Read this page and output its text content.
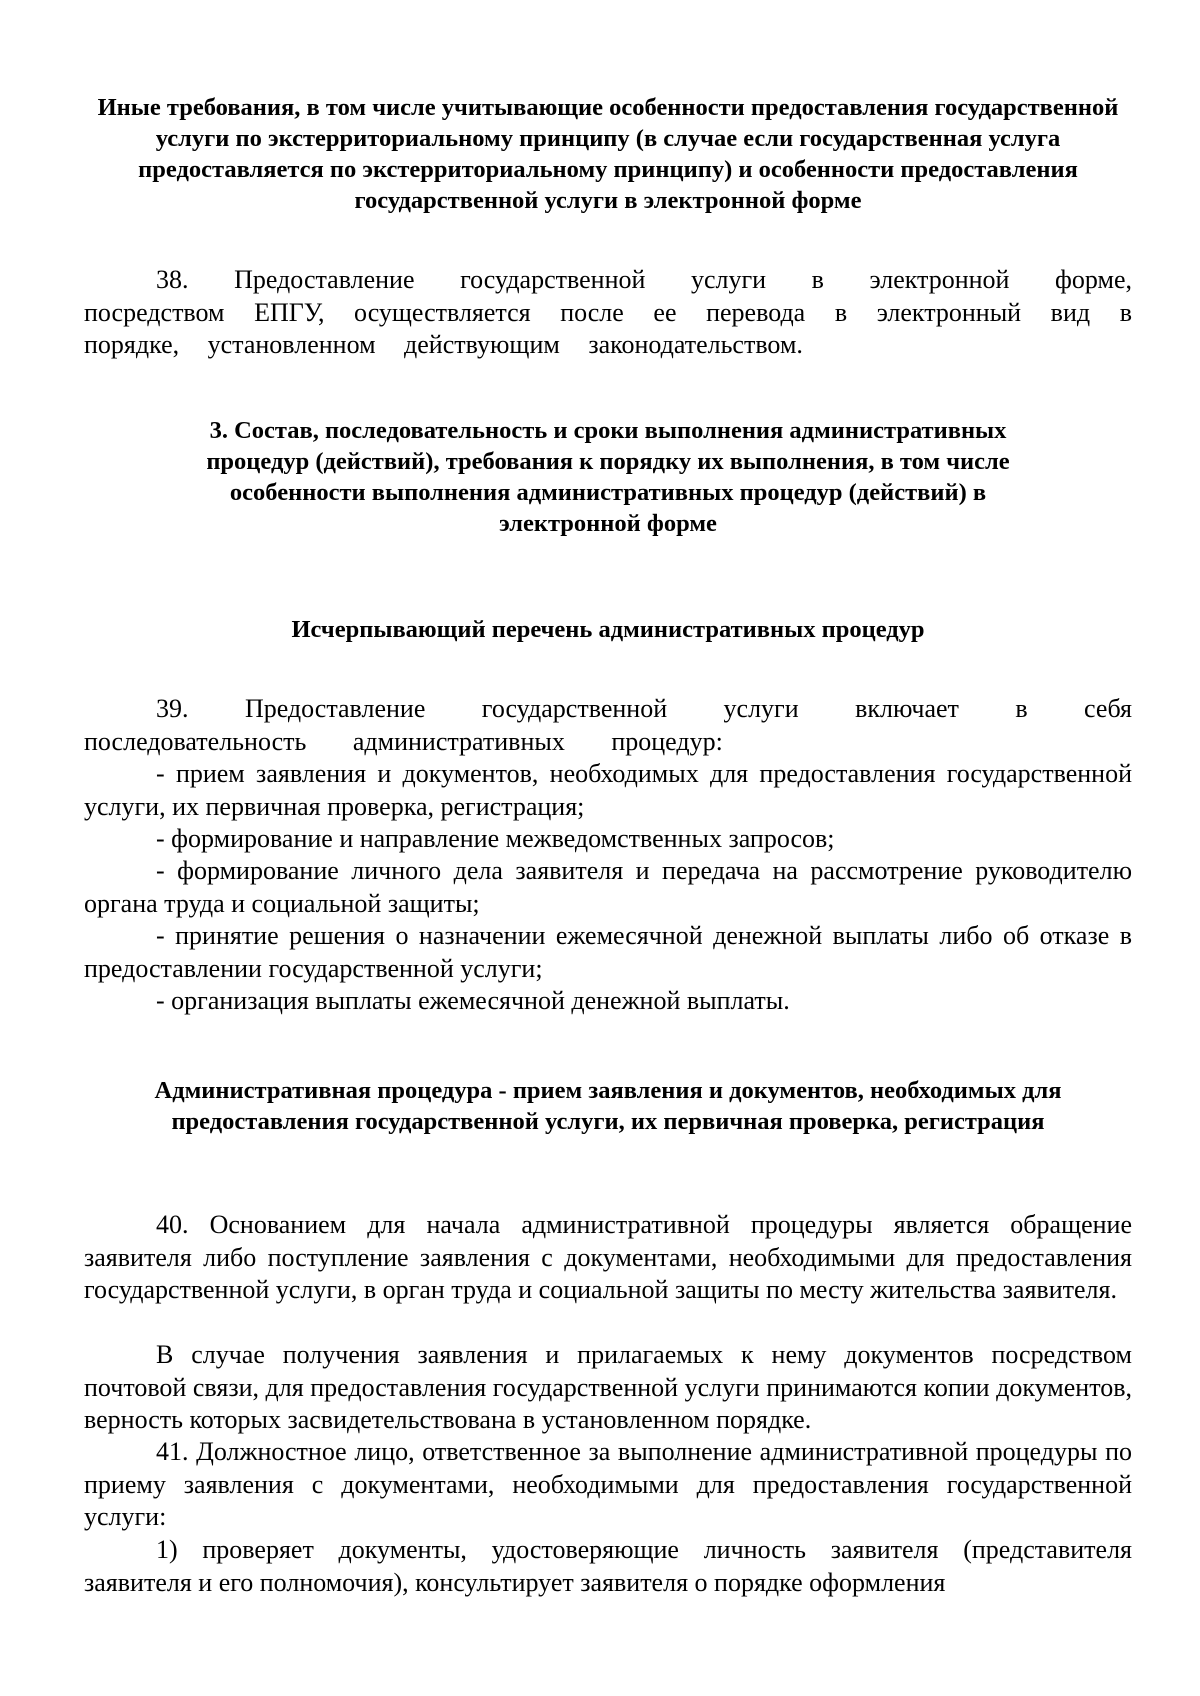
Иные требования, в том числе учитывающие особенности предоставления государственной услуги по экстерриториальному принципу (в случае если государственная услуга предоставляется по экстерриториальному принципу) и особенности предоставления государственной услуги в электронной форме

38. Предоставление государственной услуги в электронной форме, посредством ЕПГУ, осуществляется после ее перевода в электронный вид в порядке, установленном действующим законодательством.

3. Состав, последовательность и сроки выполнения административных процедур (действий), требования к порядку их выполнения, в том числе особенности выполнения административных процедур (действий) в электронной форме
Исчерпывающий перечень административных процедур

39. Предоставление государственной услуги включает в себя последовательность административных процедур:

- прием заявления и документов, необходимых для предоставления государственной услуги, их первичная проверка, регистрация;

- формирование и направление межведомственных запросов;

- формирование личного дела заявителя и передача на рассмотрение руководителю органа труда и социальной защиты;

- принятие решения о назначении ежемесячной денежной выплаты либо об отказе в предоставлении государственной услуги;

- организация выплаты ежемесячной денежной выплаты.

Административная процедура - прием заявления и документов, необходимых для предоставления государственной услуги, их первичная проверка, регистрация

40. Основанием для начала административной процедуры является обращение заявителя либо поступление заявления с документами, необходимыми для предоставления государственной услуги, в орган труда и социальной защиты по месту жительства заявителя.

В случае получения заявления и прилагаемых к нему документов посредством почтовой связи, для предоставления государственной услуги принимаются копии документов, верность которых засвидетельствована в установленном порядке.

41. Должностное лицо, ответственное за выполнение административной процедуры по приему заявления с документами, необходимыми для предоставления государственной услуги:

1) проверяет документы, удостоверяющие личность заявителя (представителя заявителя и его полномочия), консультирует заявителя о порядке оформления
